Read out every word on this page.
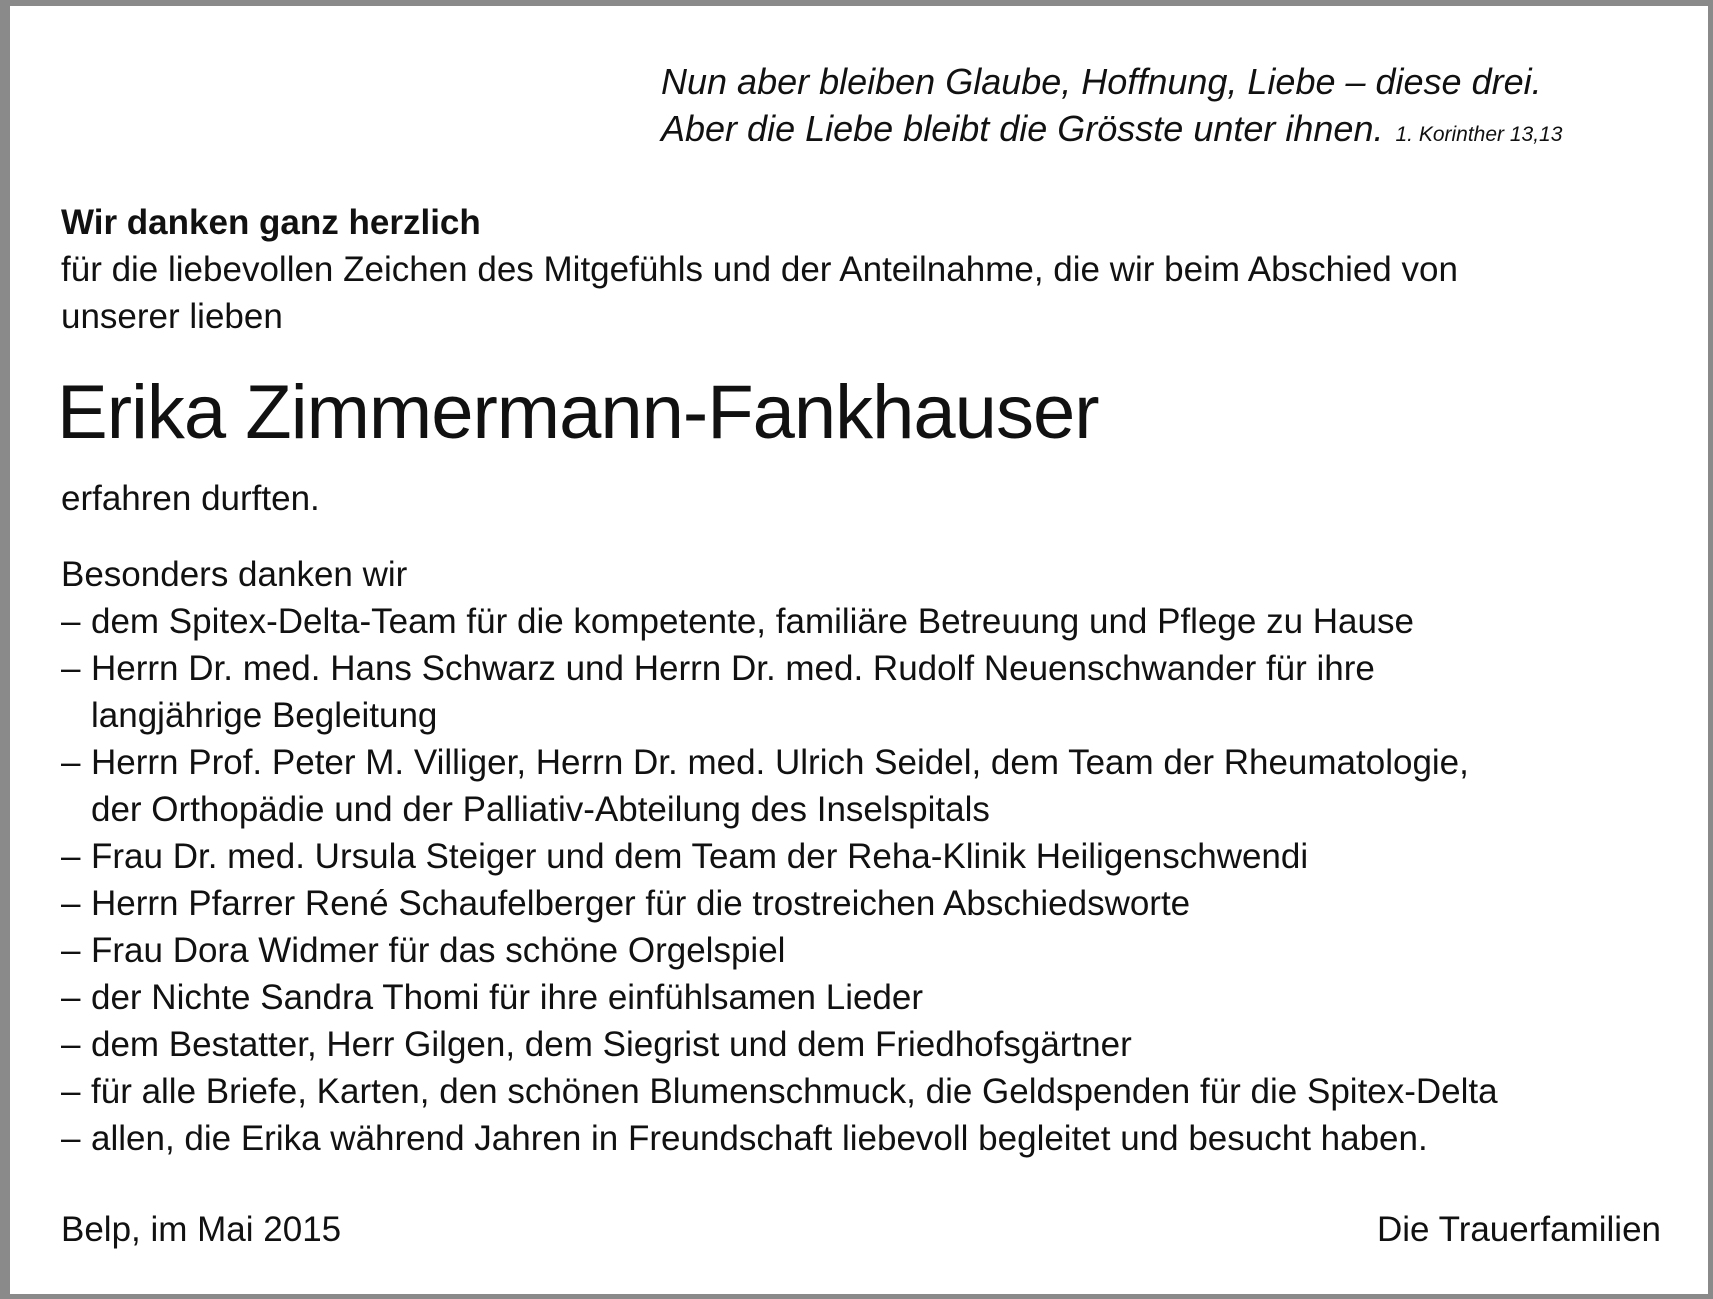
Nun aber bleiben Glaube, Hoffnung, Liebe – diese drei.
Aber die Liebe bleibt die Grösste unter ihnen. 1. Korinther 13,13
Wir danken ganz herzlich
für die liebevollen Zeichen des Mitgefühls und der Anteilnahme, die wir beim Abschied von
unserer lieben
Erika Zimmermann-Fankhauser
erfahren durften.
Besonders danken wir
– dem Spitex-Delta-Team für die kompetente, familiäre Betreuung und Pflege zu Hause
– Herrn Dr. med. Hans Schwarz und Herrn Dr. med. Rudolf Neuenschwander für ihre
langjährige Begleitung
– Herrn Prof. Peter M. Villiger, Herrn Dr. med. Ulrich Seidel, dem Team der Rheumatologie,
der Orthopädie und der Palliativ-Abteilung des Inselspitals
– Frau Dr. med. Ursula Steiger und dem Team der Reha-Klinik Heiligenschwendi
– Herrn Pfarrer René Schaufelberger für die trostreichen Abschiedsworte
– Frau Dora Widmer für das schöne Orgelspiel
– der Nichte Sandra Thomi für ihre einfühlsamen Lieder
– dem Bestatter, Herr Gilgen, dem Siegrist und dem Friedhofsgärtner
– für alle Briefe, Karten, den schönen Blumenschmuck, die Geldspenden für die Spitex-Delta
– allen, die Erika während Jahren in Freundschaft liebevoll begleitet und besucht haben.
Belp, im Mai 2015	Die Trauerfamilien
